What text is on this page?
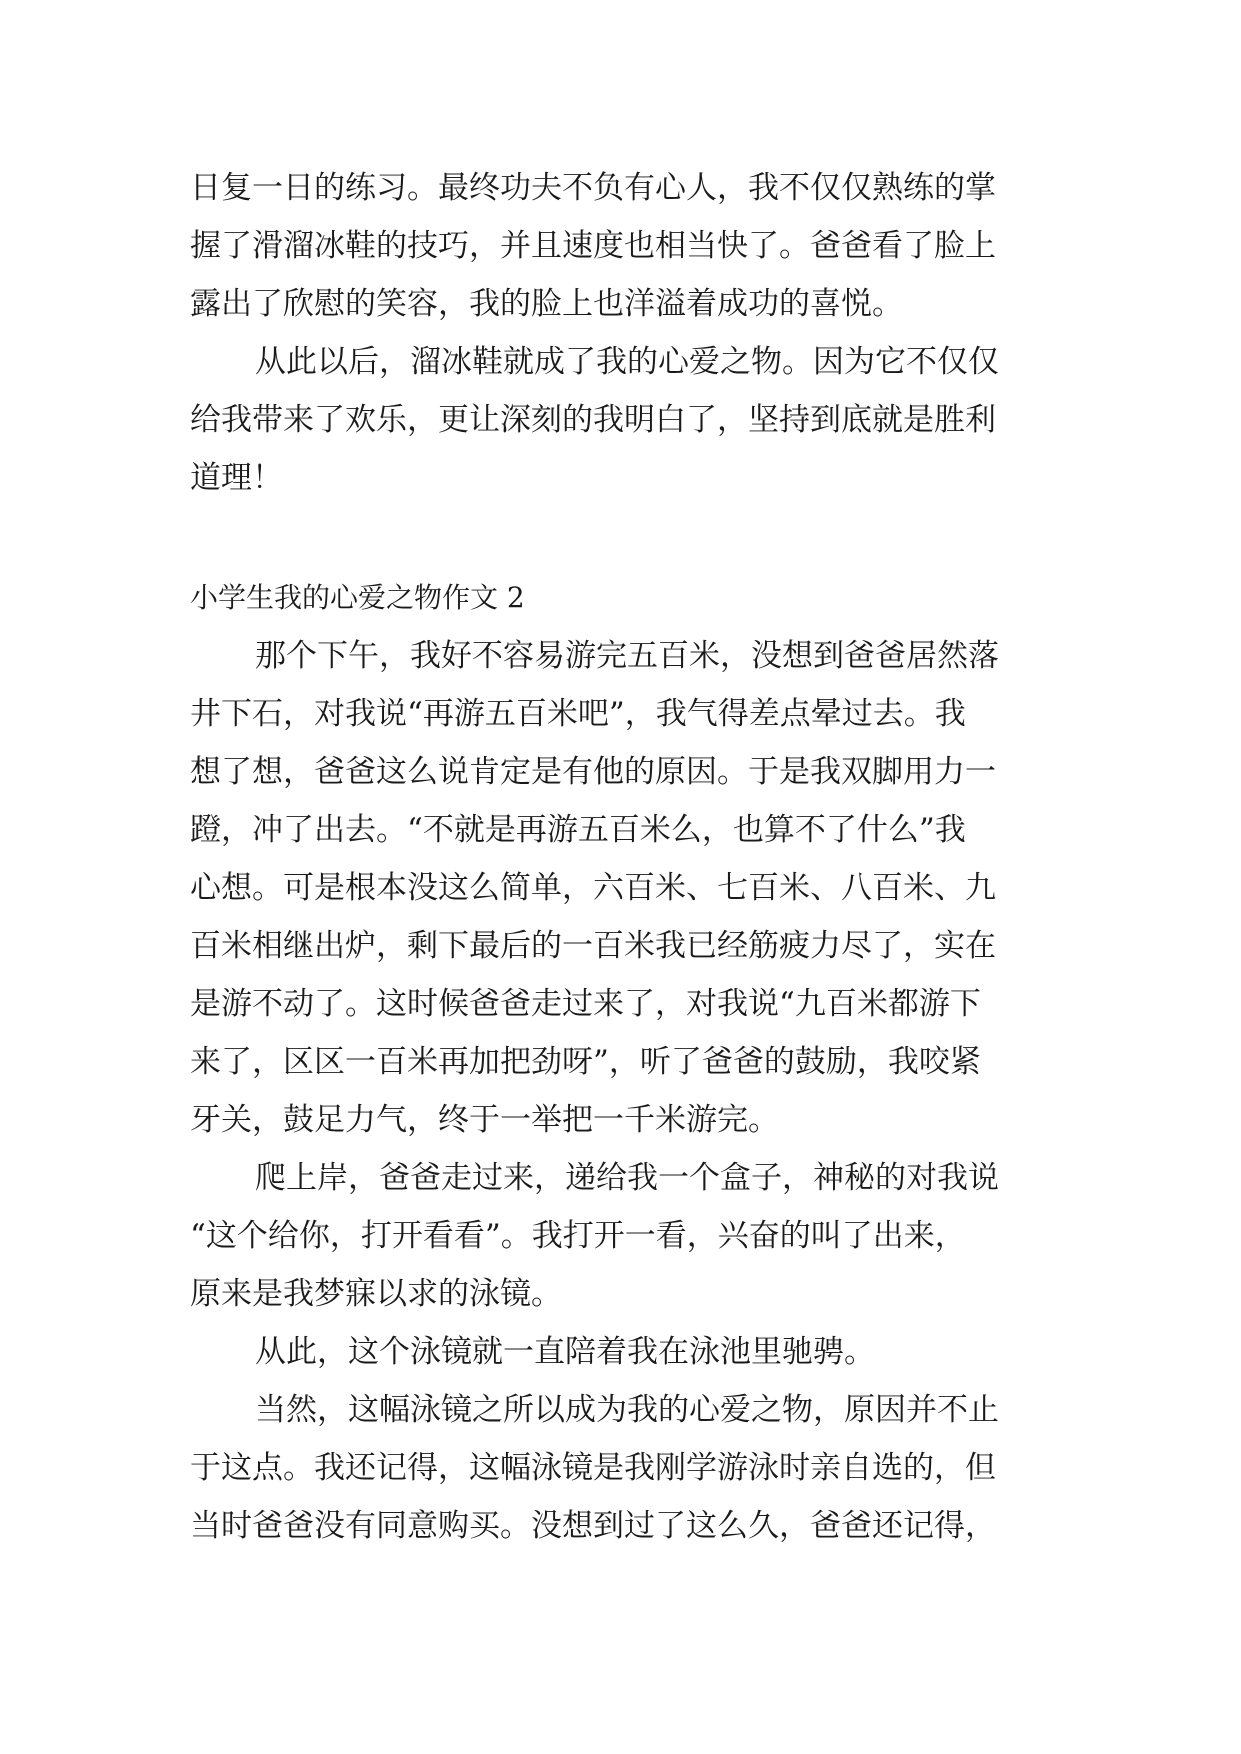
日复一日的练习。最终功夫不负有心人，我不仅仅熟练的掌
握了滑溜冰鞋的技巧，并且速度也相当快了。爸爸看了脸上
露出了欣慰的笑容，我的脸上也洋溢着成功的喜悦。
从此以后，溜冰鞋就成了我的心爱之物。因为它不仅仅
给我带来了欢乐，更让深刻的我明白了，坚持到底就是胜利
道理！
小学生我的心爱之物作文 2
那个下午，我好不容易游完五百米，没想到爸爸居然落
井下石，对我说“再游五百米吧”，我气得差点晕过去。我
想了想，爸爸这么说肯定是有他的原因。于是我双脚用力一
蹬，冲了出去。“不就是再游五百米么，也算不了什么”我
心想。可是根本没这么简单，六百米、七百米、八百米、九
百米相继出炉，剩下最后的一百米我已经筋疲力尽了，实在
是游不动了。这时候爸爸走过来了，对我说“九百米都游下
来了，区区一百米再加把劲呀”，听了爸爸的鼓励，我咬紧
牙关，鼓足力气，终于一举把一千米游完。
爬上岸，爸爸走过来，递给我一个盒子，神秘的对我说
“这个给你，打开看看”。我打开一看，兴奋的叫了出来，
原来是我梦寐以求的泳镜。
从此，这个泳镜就一直陪着我在泳池里驰骋。
当然，这幅泳镜之所以成为我的心爱之物，原因并不止
于这点。我还记得，这幅泳镜是我刚学游泳时亲自选的，但
当时爸爸没有同意购买。没想到过了这么久，爸爸还记得，
